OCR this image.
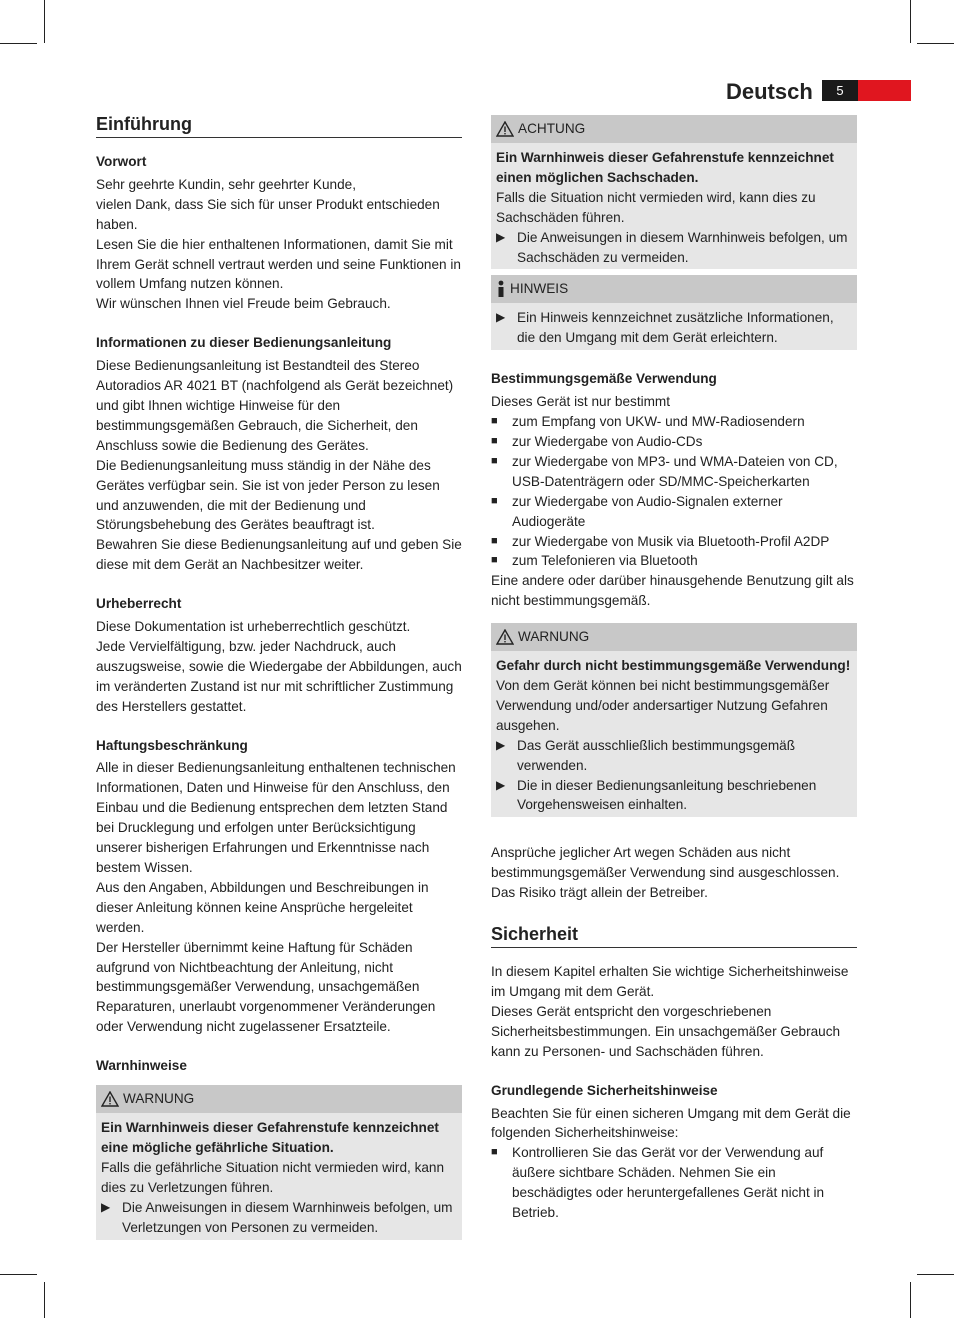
Deutsch	5
Einführung
Vorwort

Sehr geehrte Kundin, sehr geehrter Kunde,

vielen Dank, dass Sie sich für unser Produkt entschieden haben.

Lesen Sie die hier enthaltenen Informationen, damit Sie mit Ihrem Gerät schnell vertraut werden und seine Funktionen in vollem Umfang nutzen können.

Wir wünschen Ihnen viel Freude beim Gebrauch.

Informationen zu dieser Bedienungsanleitung

Diese Bedienungsanleitung ist Bestandteil des Stereo Autoradios AR 4021 BT (nachfolgend als Gerät bezeichnet) und gibt Ihnen wichtige Hinweise für den bestimmungsgemäßen Gebrauch, die Sicherheit, den Anschluss sowie die Bedienung des Gerätes.

Die Bedienungsanleitung muss ständig in der Nähe des Gerätes verfügbar sein. Sie ist von jeder Person zu lesen und anzuwenden, die mit der Bedienung und Störungsbehebung des Gerätes beauftragt ist.

Bewahren Sie diese Bedienungsanleitung auf und geben Sie diese mit dem Gerät an Nachbesitzer weiter.

Urheberrecht

Diese Dokumentation ist urheberrechtlich geschützt.

Jede Vervielfältigung, bzw. jeder Nachdruck, auch auszugsweise, sowie die Wiedergabe der Abbildungen, auch im veränderten Zustand ist nur mit schriftlicher Zustimmung des Herstellers gestattet.

Haftungsbeschränkung

Alle in dieser Bedienungsanleitung enthaltenen technischen Informationen, Daten und Hinweise für den Anschluss, den Einbau und die Bedienung entsprechen dem letzten Stand bei Drucklegung und erfolgen unter Berücksichtigung unserer bisherigen Erfahrungen und Erkenntnisse nach bestem Wissen.

Aus den Angaben, Abbildungen und Beschreibungen in dieser Anleitung können keine Ansprüche hergeleitet werden.

Der Hersteller übernimmt keine Haftung für Schäden aufgrund von Nichtbeachtung der Anleitung, nicht bestimmungsgemäßer Verwendung, unsachgemäßen Reparaturen, unerlaubt vorgenommener Veränderungen oder Verwendung nicht zugelassener Ersatzteile.

Warnhinweise
WARNUNG

Ein Warnhinweis dieser Gefahrenstufe kennzeichnet eine mögliche gefährliche Situation.

Falls die gefährliche Situation nicht vermieden wird, kann dies zu Verletzungen führen.

▶ Die Anweisungen in diesem Warnhinweis befolgen, um Verletzungen von Personen zu vermeiden.
ACHTUNG

Ein Warnhinweis dieser Gefahrenstufe kennzeichnet einen möglichen Sachschaden.

Falls die Situation nicht vermieden wird, kann dies zu Sachschäden führen.

▶ Die Anweisungen in diesem Warnhinweis befolgen, um Sachschäden zu vermeiden.
HINWEIS
▶ Ein Hinweis kennzeichnet zusätzliche Informationen, die den Umgang mit dem Gerät erleichtern.
Bestimmungsgemäße Verwendung

Dieses Gerät ist nur bestimmt

■	zum Empfang von UKW- und MW-Radiosendern
■	zur Wiedergabe von Audio-CDs
■	zur Wiedergabe von MP3- und WMA-Dateien von CD, USB-Datenträgern oder SD/MMC-Speicherkarten
■	zur Wiedergabe von Audio-Signalen externer Audiogeräte
■	zur Wiedergabe von Musik via Bluetooth-Profil A2DP
■	zum Telefonieren via Bluetooth

Eine andere oder darüber hinausgehende Benutzung gilt als nicht bestimmungsgemäß.

WARNUNG

Gefahr durch nicht bestimmungsgemäße Verwendung!

Von dem Gerät können bei nicht bestimmungsgemäßer Verwendung und/oder andersartiger Nutzung Gefahren ausgehen.

▶ Das Gerät ausschließlich bestimmungsgemäß verwenden.
▶ Die in dieser Bedienungsanleitung beschriebenen Vorgehensweisen einhalten.

Ansprüche jeglicher Art wegen Schäden aus nicht bestimmungsgemäßer Verwendung sind ausgeschlossen.

Das Risiko trägt allein der Betreiber.

Sicherheit

In diesem Kapitel erhalten Sie wichtige Sicherheitshinweise im Umgang mit dem Gerät.

Dieses Gerät entspricht den vorgeschriebenen Sicherheitsbestimmungen. Ein unsachgemäßer Gebrauch kann zu Personen- und Sachschäden führen.

Grundlegende Sicherheitshinweise

Beachten Sie für einen sicheren Umgang mit dem Gerät die folgenden Sicherheitshinweise:

■	Kontrollieren Sie das Gerät vor der Verwendung auf äußere sichtbare Schäden. Nehmen Sie ein beschädigtes oder heruntergefallenes Gerät nicht in Betrieb.
